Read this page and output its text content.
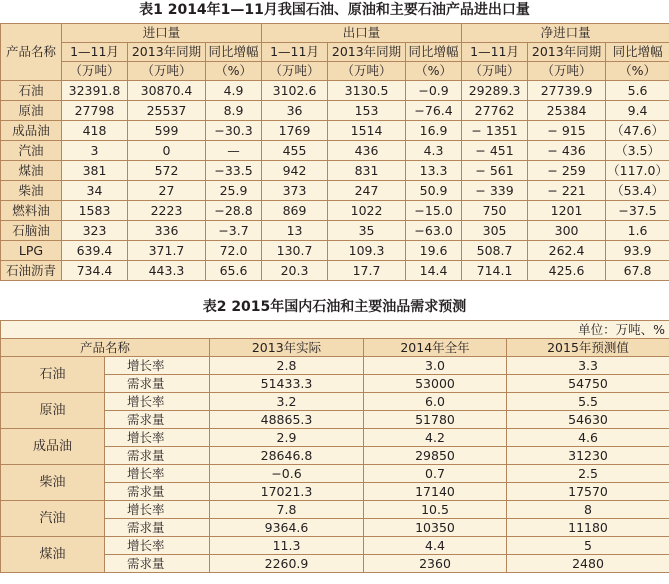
表1 2014年1—11月我国石油、原油和主要石油产品进出口量
产品名称	进口量			出口量			净进口量		
	1—11月	2013年同期	同比增幅	1—11月	2013年同期	同比增幅	1—11月	2013年同期	同比增幅
	（万吨）	（万吨）	（%）	（万吨）	（万吨）	（%）	（万吨）	（万吨）	（%）
石油	32391.8	30870.4	4.9	3102.6	3130.5	−0.9	29289.3	27739.9	5.6
原油	27798	25537	8.9	36	153	−76.4	27762	25384	9.4
成品油	418	599	−30.3	1769	1514	16.9	− 1351	− 915	（47.6）
汽油	3	0	—	455	436	4.3	− 451	− 436	（3.5）
煤油	381	572	−33.5	942	831	13.3	− 561	− 259	（117.0）
柴油	34	27	25.9	373	247	50.9	− 339	− 221	（53.4）
燃料油	1583	2223	−28.8	869	1022	−15.0	750	1201	−37.5
石脑油	323	336	−3.7	13	35	−63.0	305	300	1.6
LPG	639.4	371.7	72.0	130.7	109.3	19.6	508.7	262.4	93.9
石油沥青	734.4	443.3	65.6	20.3	17.7	14.4	714.1	425.6	67.8
表2 2015年国内石油和主要油品需求预测
单位：万吨、%				
产品名称		2013年实际	2014年全年	2015年预测值
石油	增长率	2.8	3.0	3.3
	需求量	51433.3	53000	54750
原油	增长率	3.2	6.0	5.5
	需求量	48865.3	51780	54630
成品油	增长率	2.9	4.2	4.6
	需求量	28646.8	29850	31230
柴油	增长率	−0.6	0.7	2.5
	需求量	17021.3	17140	17570
汽油	增长率	7.8	10.5	8
	需求量	9364.6	10350	11180
煤油	增长率	11.3	4.4	5
	需求量	2260.9	2360	2480
